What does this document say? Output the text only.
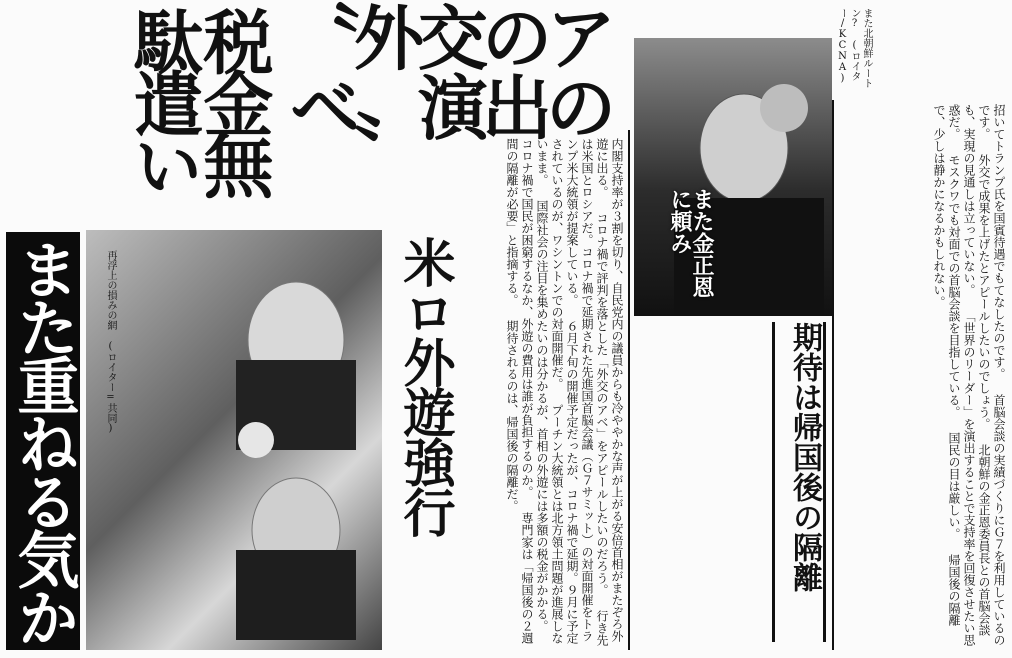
また重ねる気か
税金無駄遣い	〝外交のアベ〟演出の
再浮上の損みの網 (ロイター=共同)	米ロ外遊強行	内閣支持率が３割を切り、自民党内の議員からも冷ややかな声が上がる安倍首相がまたぞろ外遊に出る。 コロナ禍で評判を落とした「外交のアベ」をアピールしたいのだろう。 行き先は米国とロシアだ。コロナ禍で延期された先進国首脳会議（Ｇ７サミット）の対面開催をトランプ米大統領が提案している。 ６月下旬の開催予定だったが、コロナ禍で延期。９月に予定されているのが、ワシントンでの対面開催だ。 プーチン大統領とは北方領土問題が進展しないまま。 国際社会の注目を集めたいのは分かるが、首相の外遊には多額の税金がかかる。 コロナ禍で国民が困窮するなか、外遊の費用は誰が負担するのか。 専門家は「帰国後の２週間の隔離が必要」と指摘する。 期待されるのは、帰国後の隔離だ。	期待は帰国後の隔離
また金正恩に頼み
また北朝鮮ルートン? (ロイター/KCNA)
招いてトランプ氏を国賓待遇でもてなしたのです。 首脳会談の実績づくりにＧ７を利用しているのです。 外交で成果を上げたとアピールしたいのでしょう。 北朝鮮の金正恩委員長との首脳会談も、実現の見通しは立っていない。 「世界のリーダー」を演出することで支持率を回復させたい思惑だ。 モスクワでも対面での首脳会談を目指している。 国民の目は厳しい。 帰国後の隔離で、少しは静かになるかもしれない。
